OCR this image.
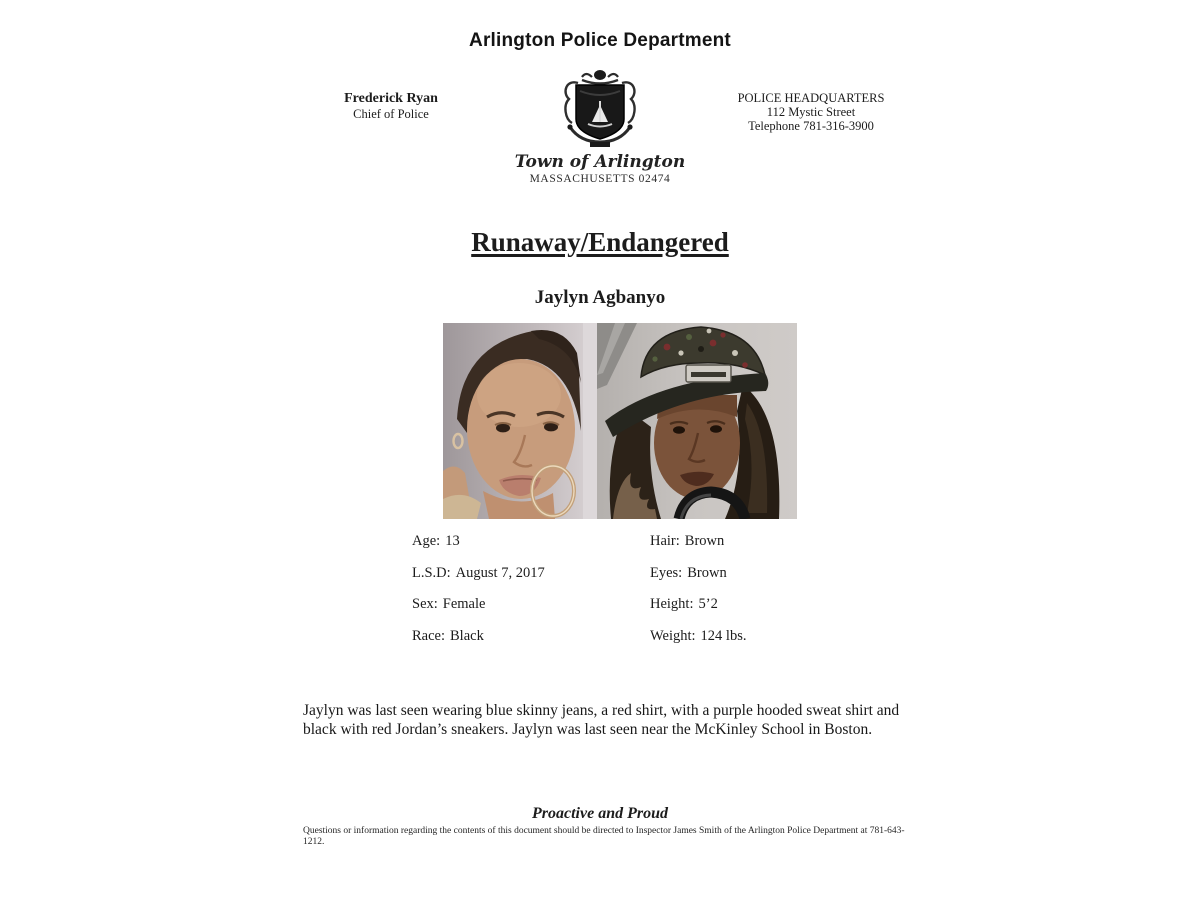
Arlington Police Department
Frederick Ryan
Chief of Police
Town of Arlington
MASSACHUSETTS 02474
POLICE HEADQUARTERS
112 Mystic Street
Telephone 781-316-3900
Runaway/Endangered
Jaylyn Agbanyo
Age: 13
L.S.D: August 7, 2017
Sex: Female
Race: Black
Hair: Brown
Eyes: Brown
Height: 5’2
Weight: 124 lbs.
Jaylyn was last seen wearing blue skinny jeans, a red shirt, with a purple hooded sweat shirt and black with red Jordan’s sneakers. Jaylyn was last seen near the McKinley School in Boston.
Proactive and Proud
Questions or information regarding the contents of this document should be directed to Inspector James Smith of the Arlington Police Department at 781-643-1212.
